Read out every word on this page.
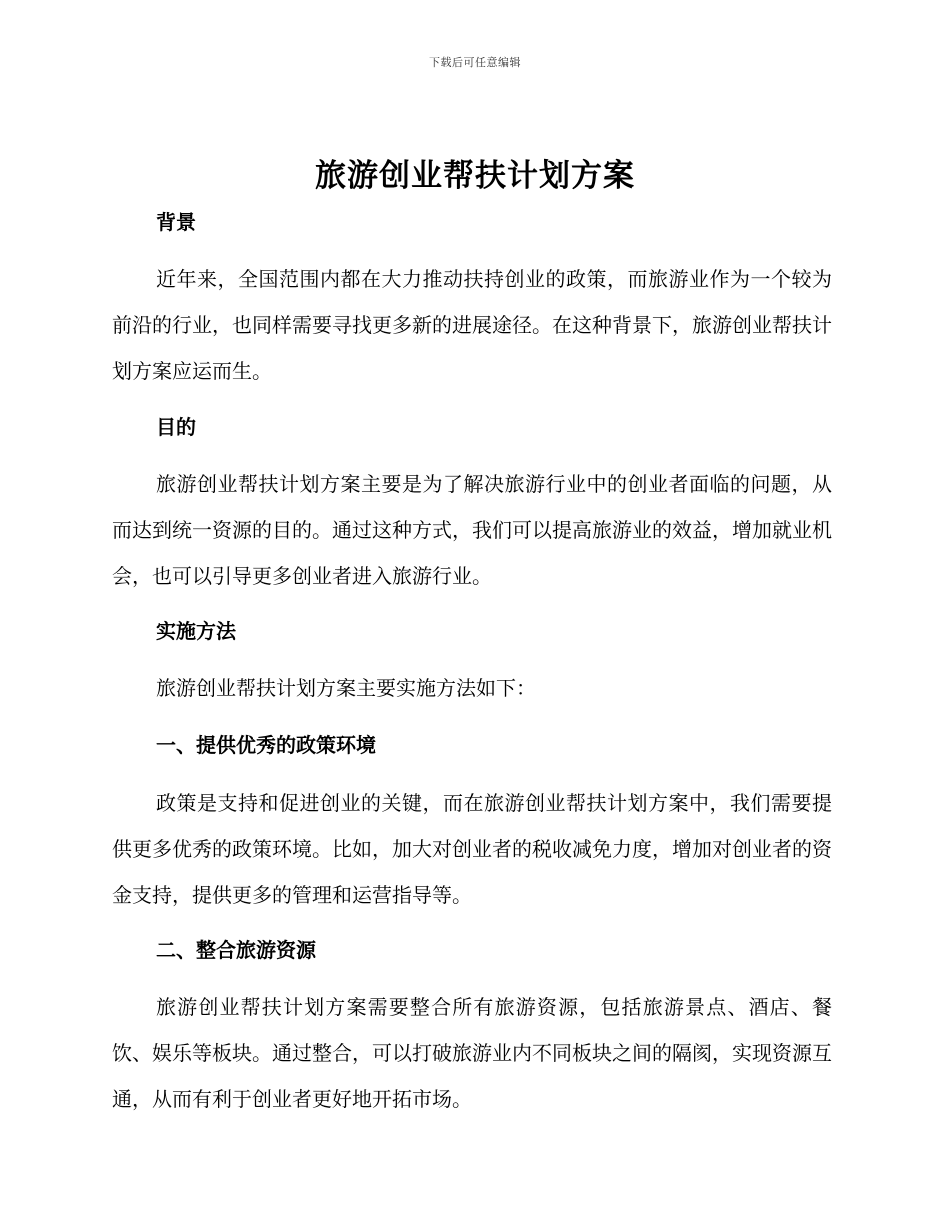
下载后可任意编辑
旅游创业帮扶计划方案
背景
近年来，全国范围内都在大力推动扶持创业的政策，而旅游业作为一个较为前沿的行业，也同样需要寻找更多新的进展途径。在这种背景下，旅游创业帮扶计划方案应运而生。
目的
旅游创业帮扶计划方案主要是为了解决旅游行业中的创业者面临的问题，从而达到统一资源的目的。通过这种方式，我们可以提高旅游业的效益，增加就业机会，也可以引导更多创业者进入旅游行业。
实施方法
旅游创业帮扶计划方案主要实施方法如下：
一、提供优秀的政策环境
政策是支持和促进创业的关键，而在旅游创业帮扶计划方案中，我们需要提供更多优秀的政策环境。比如，加大对创业者的税收减免力度，增加对创业者的资金支持，提供更多的管理和运营指导等。
二、整合旅游资源
旅游创业帮扶计划方案需要整合所有旅游资源，包括旅游景点、酒店、餐饮、娱乐等板块。通过整合，可以打破旅游业内不同板块之间的隔阂，实现资源互通，从而有利于创业者更好地开拓市场。
